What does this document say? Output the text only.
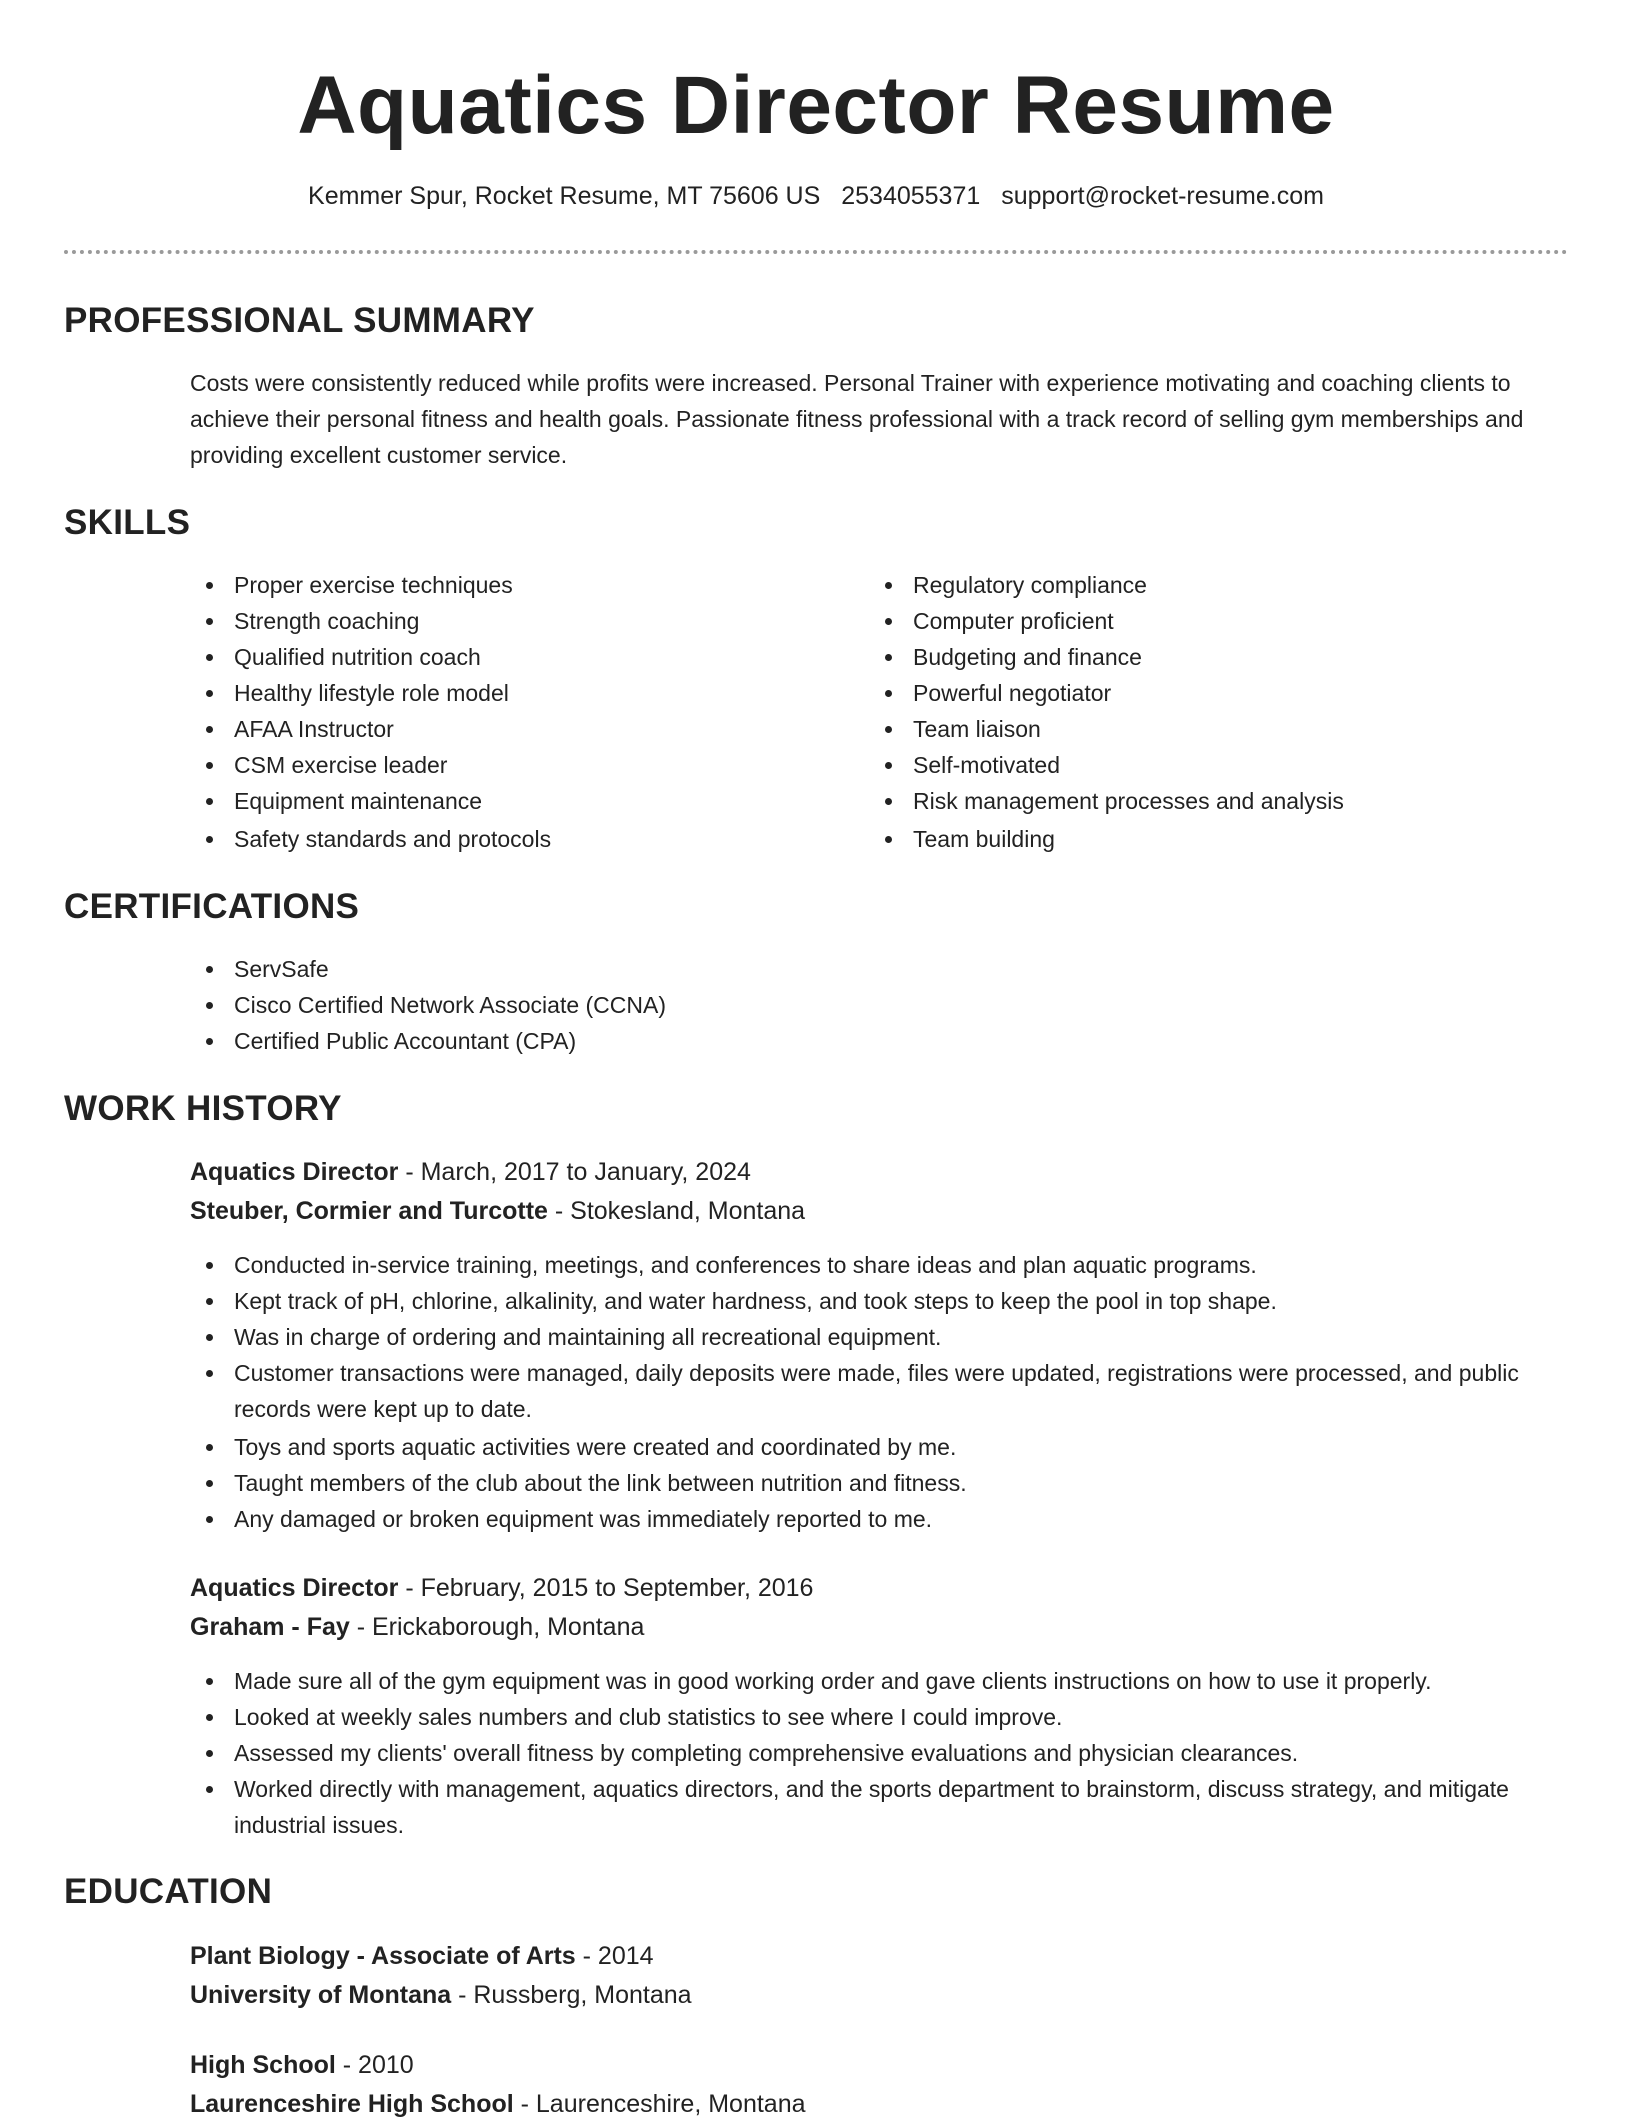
Aquatics Director Resume
Kemmer Spur, Rocket Resume, MT 75606 US 2534055371 support@rocket-resume.com
PROFESSIONAL SUMMARY

Costs were consistently reduced while profits were increased. Personal Trainer with experience motivating and coaching clients to achieve their personal fitness and health goals. Passionate fitness professional with a track record of selling gym memberships and providing excellent customer service.

SKILLS
Proper exercise techniques
Strength coaching
Qualified nutrition coach
Healthy lifestyle role model
AFAA Instructor
CSM exercise leader
Equipment maintenance
Safety standards and protocols
Regulatory compliance
Computer proficient
Budgeting and finance
Powerful negotiator
Team liaison
Self-motivated
Risk management processes and analysis
Team building
CERTIFICATIONS
ServSafe
Cisco Certified Network Associate (CCNA)
Certified Public Accountant (CPA)
WORK HISTORY
Aquatics Director - March, 2017 to January, 2024
Steuber, Cormier and Turcotte - Stokesland, Montana
Conducted in-service training, meetings, and conferences to share ideas and plan aquatic programs.
Kept track of pH, chlorine, alkalinity, and water hardness, and took steps to keep the pool in top shape.
Was in charge of ordering and maintaining all recreational equipment.
Customer transactions were managed, daily deposits were made, files were updated, registrations were processed, and public records were kept up to date.
Toys and sports aquatic activities were created and coordinated by me.
Taught members of the club about the link between nutrition and fitness.
Any damaged or broken equipment was immediately reported to me.
Aquatics Director - February, 2015 to September, 2016
Graham - Fay - Erickaborough, Montana
Made sure all of the gym equipment was in good working order and gave clients instructions on how to use it properly.
Looked at weekly sales numbers and club statistics to see where I could improve.
Assessed my clients' overall fitness by completing comprehensive evaluations and physician clearances.
Worked directly with management, aquatics directors, and the sports department to brainstorm, discuss strategy, and mitigate industrial issues.
EDUCATION
Plant Biology - Associate of Arts - 2014
University of Montana - Russberg, Montana
High School - 2010
Laurenceshire High School - Laurenceshire, Montana
